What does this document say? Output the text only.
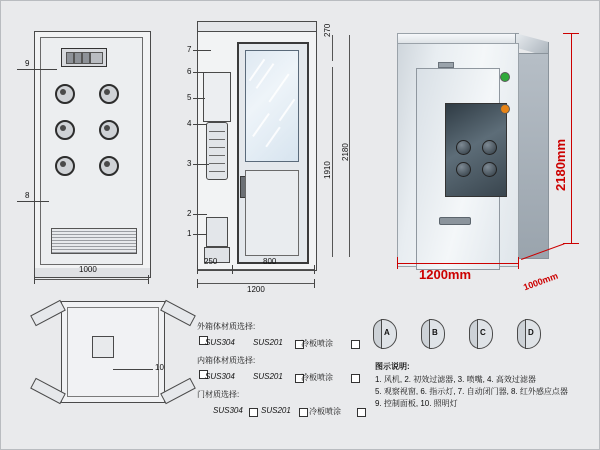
9
8
1000
7
6
5
4
3
2
1
270
1910
2180
250	800
1200
10
2180mm
1200mm	1000mm
外箱体材质选择:
SUS304 SUS201 冷板喷涂
内箱体材质选择:
SUS304 SUS201 冷板喷涂
门材质选择:
SUS304 SUS201 冷板喷涂
A	B	C	D
图示说明:
1. 风机, 2. 初效过滤器, 3. 喷嘴, 4. 高效过滤器
5. 观察视窗, 6. 指示灯, 7. 自动闭门器, 8. 红外感应点器
9. 控制面板, 10. 照明灯
